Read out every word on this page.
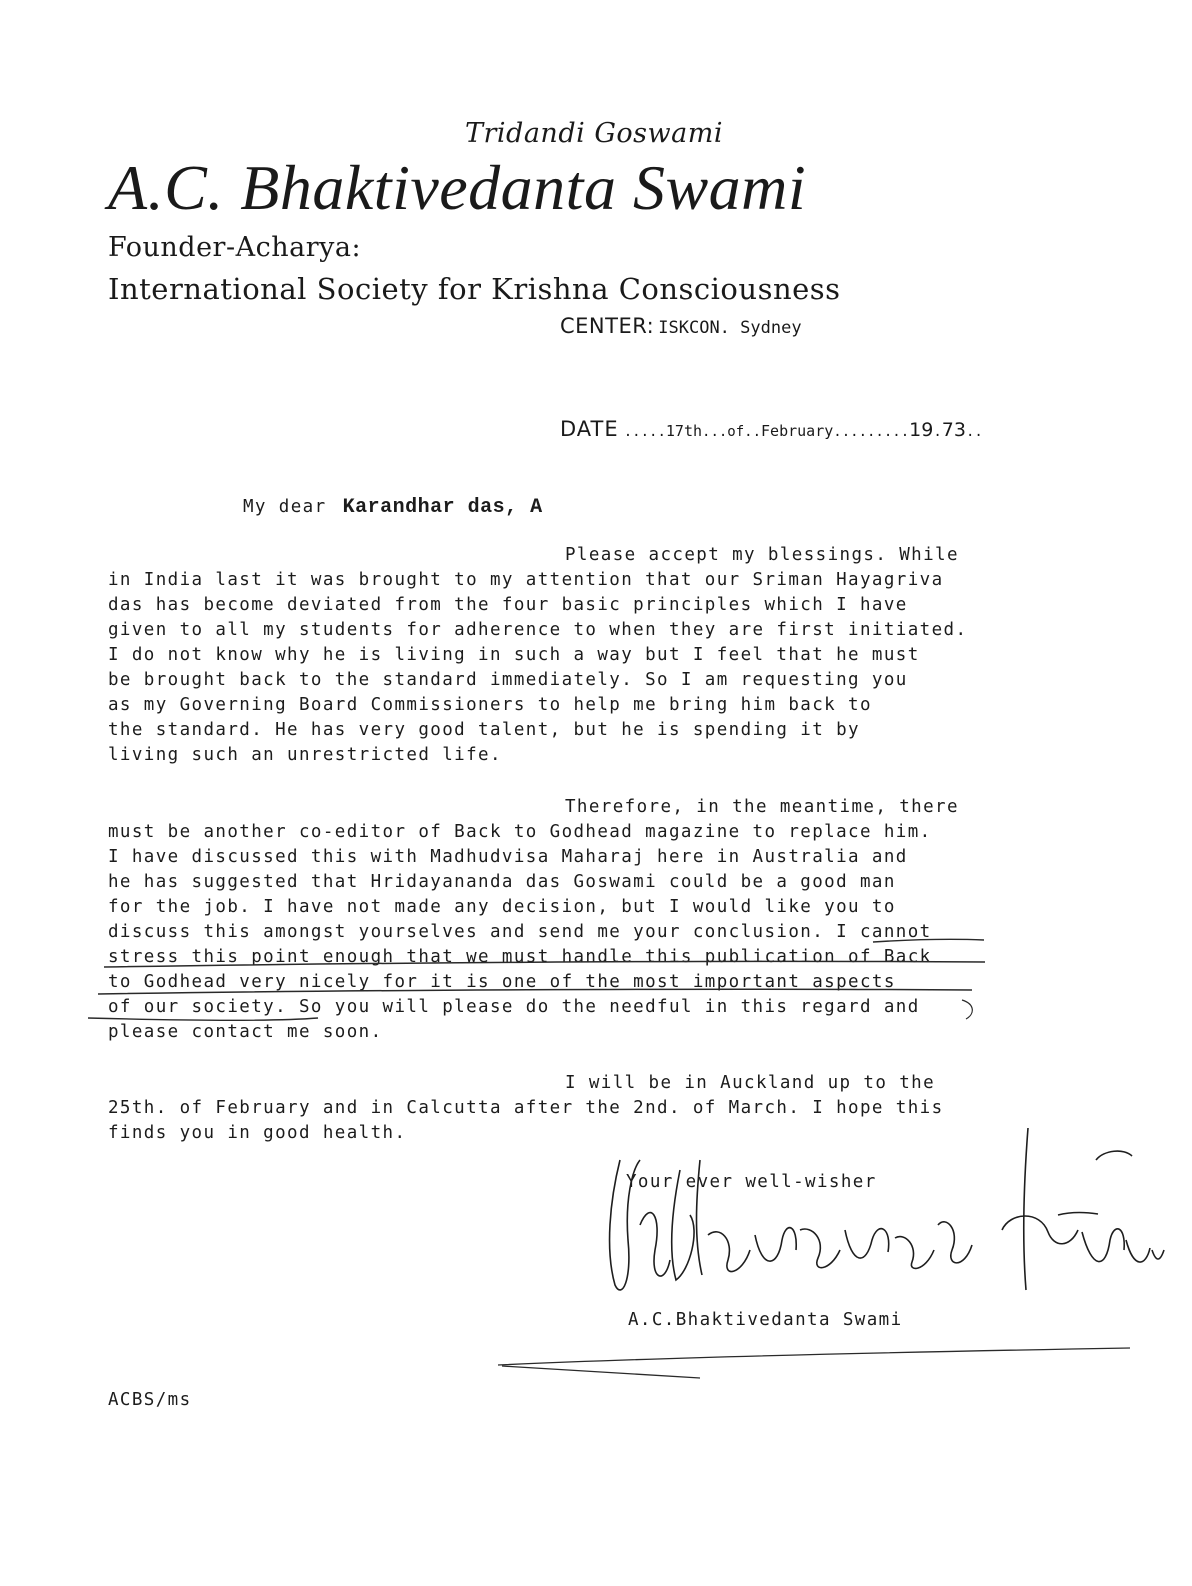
Tridandi Goswami
A.C. Bhaktivedanta Swami
Founder-Acharya:
International Society for Krishna Consciousness
CENTER: ISKCON. Sydney
DATE .....17th...of..February.........19.73..
My dear Karandhar das, A
Please accept my blessings. While
in India last it was brought to my attention that our Sriman Hayagriva
das has become deviated from the four basic principles which I have
given to all my students for adherence to when they are first initiated.
I do not know why he is living in such a way but I feel that he must
be brought back to the standard immediately. So I am requesting you
as my Governing Board Commissioners to help me bring him back to
the standard. He has very good talent, but he is spending it by
living such an unrestricted life.
Therefore, in the meantime, there
must be another co-editor of Back to Godhead magazine to replace him.
I have discussed this with Madhudvisa Maharaj here in Australia and
he has suggested that Hridayananda das Goswami could be a good man
for the job. I have not made any decision, but I would like you to
discuss this amongst yourselves and send me your conclusion. I cannot
stress this point enough that we must handle this publication of Back
to Godhead very nicely for it is one of the most important aspects
of our society. So you will please do the needful in this regard and
please contact me soon.
I will be in Auckland up to the
25th. of February and in Calcutta after the 2nd. of March. I hope this
finds you in good health.
Your ever well-wisher
A.C.Bhaktivedanta Swami
ACBS/ms
